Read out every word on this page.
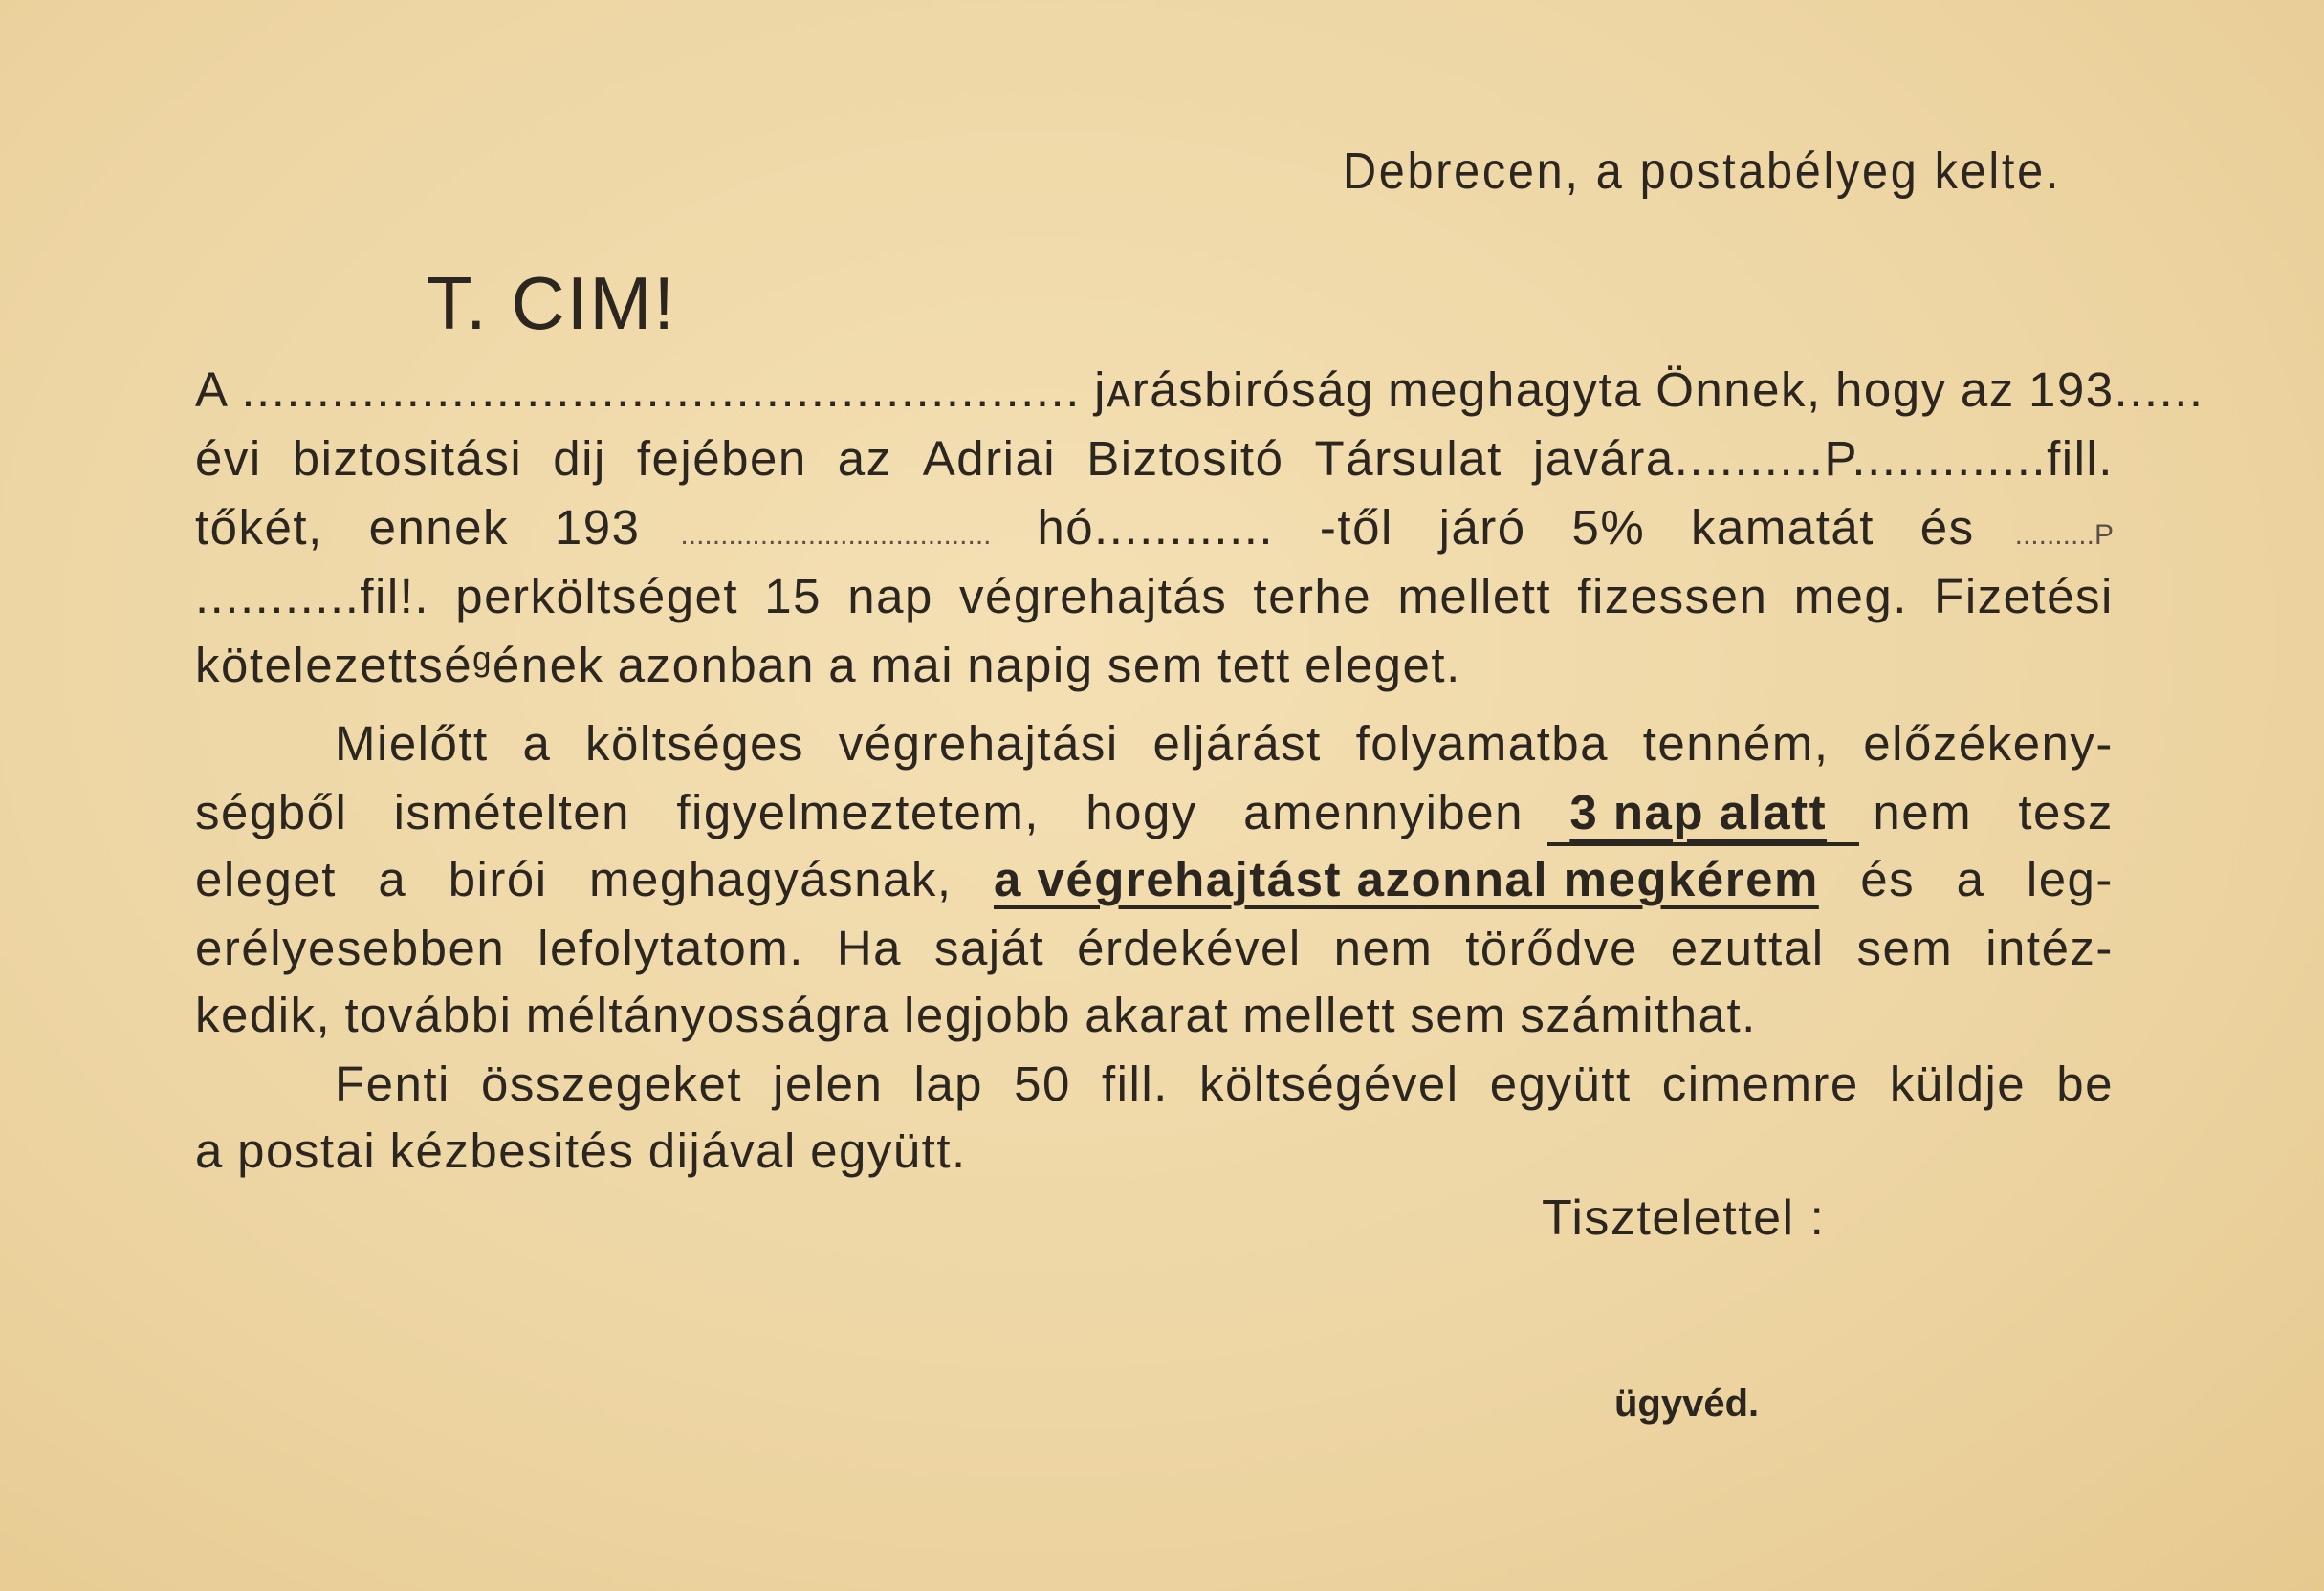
Debrecen, a postabélyeg kelte.
T. CIM!
A ........................................................ jᴀrásbiróság meghagyta Önnek, hogy az 193......
évi biztositási dij fejében az Adriai Biztositó Társulat javára..........P.............fill.
tőkét, ennek 193 ....................................... hó............ -től járó 5% kamatát és ..........P
...........fil!. perköltséget 15 nap végrehajtás terhe mellett fizessen meg. Fizetési
kötelezettséᵍének azonban a mai napig sem tett eleget.
Mielőtt a költséges végrehajtási eljárást folyamatba tenném, előzékeny-
ségből ismételten figyelmeztetem, hogy amennyiben 3 nap alatt nem tesz
eleget a birói meghagyásnak, a végrehajtást azonnal megkérem és a leg-
erélyesebben lefolytatom. Ha saját érdekével nem törődve ezuttal sem intéz-
kedik, további méltányosságra legjobb akarat mellett sem számithat.
Fenti összegeket jelen lap 50 fill. költségével együtt cimemre küldje be
a postai kézbesités dijával együtt.
Tisztelettel :
ügyvéd.
